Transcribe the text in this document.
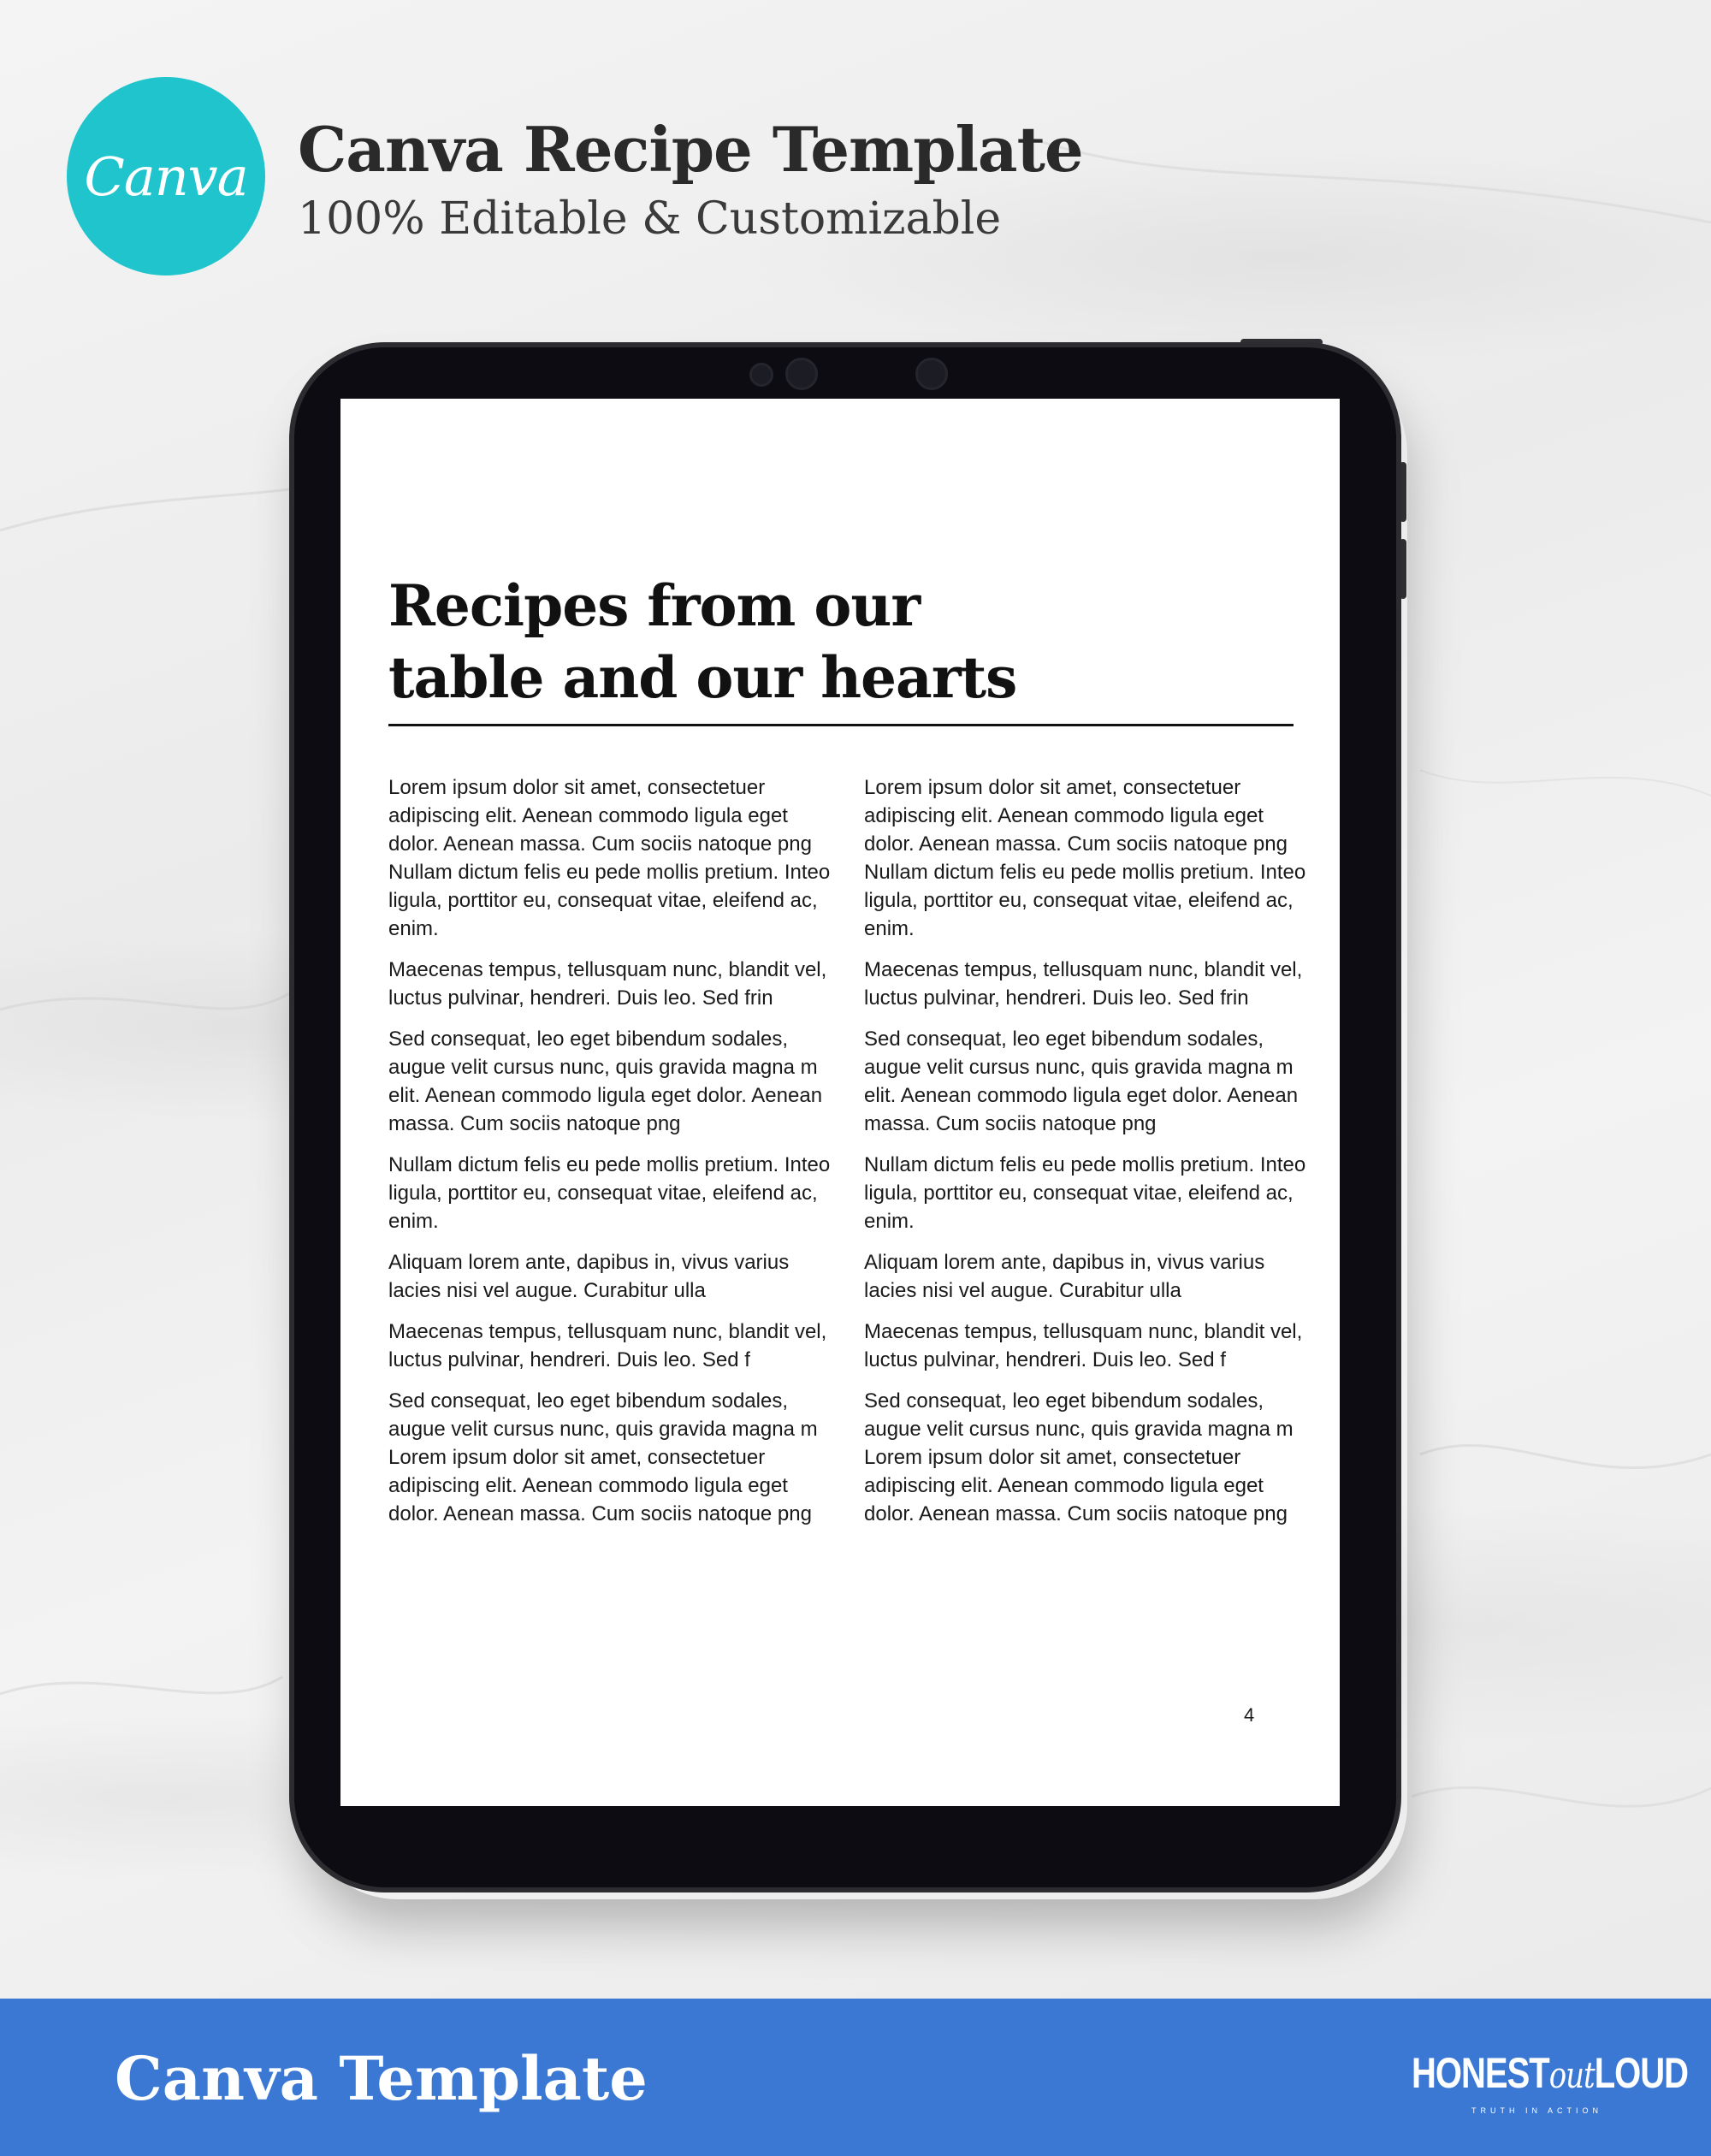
Canva Canva Recipe Template
100% Editable & Customizable
Recipes from our
table and our hearts

Lorem ipsum dolor sit amet, consectetuer adipiscing elit. Aenean commodo ligula eget dolor. Aenean massa. Cum sociis natoque png Nullam dictum felis eu pede mollis pretium. Inteo ligula, porttitor eu, consequat vitae, eleifend ac, enim.

Maecenas tempus, tellusquam nunc, blandit vel, luctus pulvinar, hendreri. Duis leo. Sed frin

Sed consequat, leo eget bibendum sodales, augue velit cursus nunc, quis gravida magna m elit. Aenean commodo ligula eget dolor. Aenean massa. Cum sociis natoque png

Nullam dictum felis eu pede mollis pretium. Inteo ligula, porttitor eu, consequat vitae, eleifend ac, enim.

Aliquam lorem ante, dapibus in, vivus varius lacies nisi vel augue. Curabitur ulla

Maecenas tempus, tellusquam nunc, blandit vel, luctus pulvinar, hendreri. Duis leo. Sed f

Sed consequat, leo eget bibendum sodales, augue velit cursus nunc, quis gravida magna m Lorem ipsum dolor sit amet, consectetuer adipiscing elit. Aenean commodo ligula eget dolor. Aenean massa. Cum sociis natoque png

Lorem ipsum dolor sit amet, consectetuer adipiscing elit. Aenean commodo ligula eget dolor. Aenean massa. Cum sociis natoque png Nullam dictum felis eu pede mollis pretium. Inteo ligula, porttitor eu, consequat vitae, eleifend ac, enim.

Maecenas tempus, tellusquam nunc, blandit vel, luctus pulvinar, hendreri. Duis leo. Sed frin

Sed consequat, leo eget bibendum sodales, augue velit cursus nunc, quis gravida magna m elit. Aenean commodo ligula eget dolor. Aenean massa. Cum sociis natoque png

Nullam dictum felis eu pede mollis pretium. Inteo ligula, porttitor eu, consequat vitae, eleifend ac, enim.

Aliquam lorem ante, dapibus in, vivus varius lacies nisi vel augue. Curabitur ulla

Maecenas tempus, tellusquam nunc, blandit vel, luctus pulvinar, hendreri. Duis leo. Sed f

Sed consequat, leo eget bibendum sodales, augue velit cursus nunc, quis gravida magna m Lorem ipsum dolor sit amet, consectetuer adipiscing elit. Aenean commodo ligula eget dolor. Aenean massa. Cum sociis natoque png

4
Canva Template	HONESToutLOUD
TRUTH IN ACTION
